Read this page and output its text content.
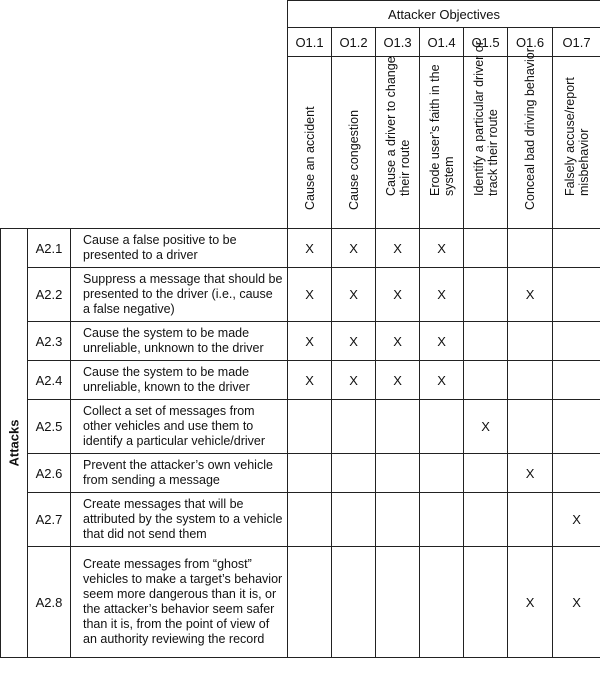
			Attacker Objectives						
			O1.1	O1.2	O1.3	O1.4	O1.5	O1.6	O1.7

			Cause an accident	Cause congestion	Cause a driver to change their route	Erode user’s faith in the system	Identify a particular driver or track their route	Conceal bad driving behavior	Falsely accuse/report misbehavior

Attacks	A2.1	Cause a false positive to be presented to a driver	X	X	X	X			
	A2.2	Suppress a message that should be presented to the driver (i.e., cause a false negative)	X	X	X	X		X	
	A2.3	Cause the system to be made unreliable, unknown to the driver	X	X	X	X			
	A2.4	Cause the system to be made unreliable, known to the driver	X	X	X	X			
	A2.5	Collect a set of messages from other vehicles and use them to identify a particular vehicle/driver					X		
	A2.6	Prevent the attacker’s own vehicle from sending a message						X	
	A2.7	Create messages that will be attributed by the system to a vehicle that did not send them							X
	A2.8	Create messages from “ghost” vehicles to make a target’s behavior seem more dangerous than it is, or the attacker’s behavior seem safer than it is, from the point of view of an authority reviewing the record						X	X
